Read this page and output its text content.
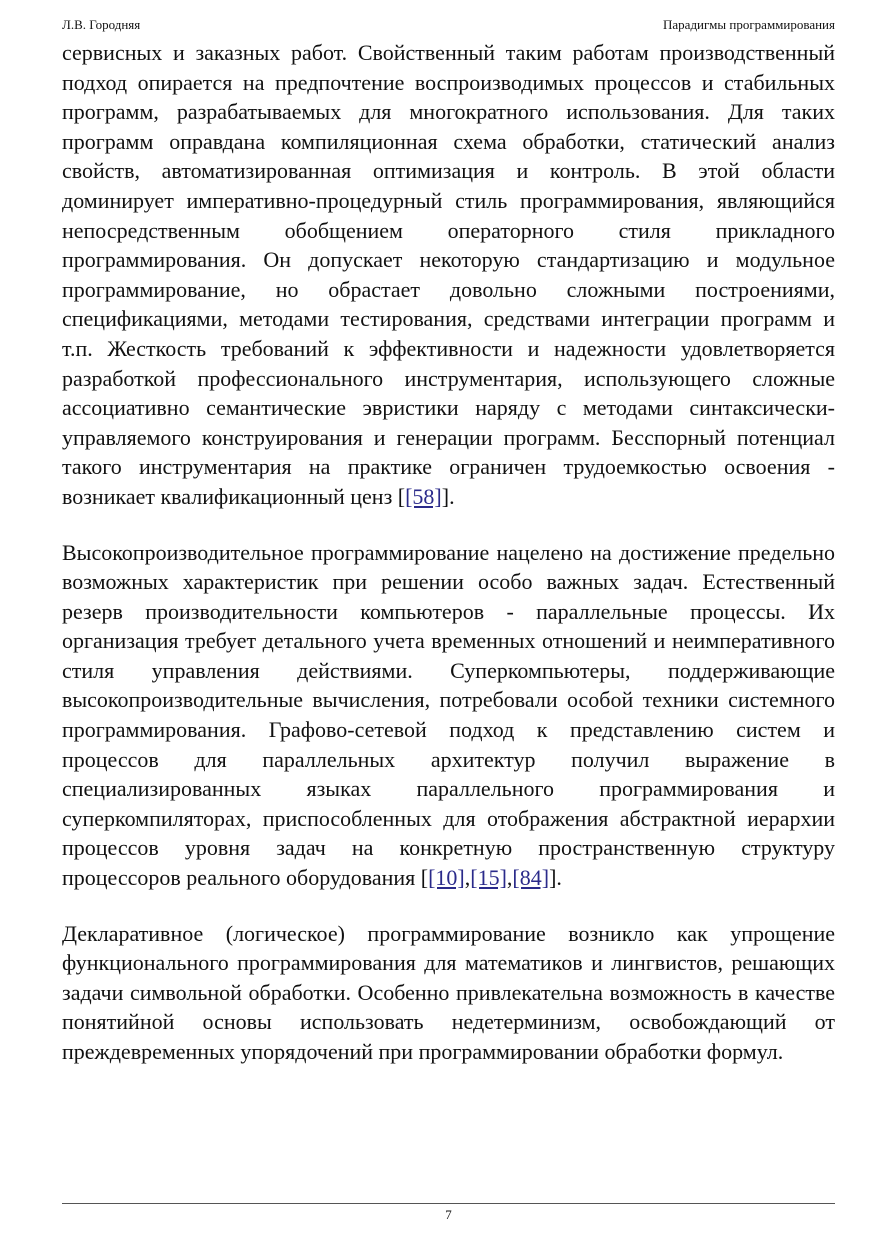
Л.В. Городняя	Парадигмы программирования

сервисных и заказных работ. Свойственный таким работам производственный подход опирается на предпочтение воспроизводимых процессов и стабильных программ, разрабатываемых для многократного использования. Для таких программ оправдана компиляционная схема обработки, статический анализ свойств, автоматизированная оптимизация и контроль. В этой области доминирует императивно-процедурный стиль программирования, являющийся непосредственным обобщением операторного стиля прикладного программирования. Он допускает некоторую стандартизацию и модульное программирование, но обрастает довольно сложными построениями, спецификациями, методами тестирования, средствами интеграции программ и т.п. Жесткость требований к эффективности и надежности удовлетворяется разработкой профессионального инструментария, использующего сложные ассоциативно семантические эвристики наряду с методами синтаксически-управляемого конструирования и генерации программ. Бесспорный потенциал такого инструментария на практике ограничен трудоемкостью освоения - возникает квалификационный ценз [[58]].

Высокопроизводительное программирование нацелено на достижение предельно возможных характеристик при решении особо важных задач. Естественный резерв производительности компьютеров - параллельные процессы. Их организация требует детального учета временных отношений и неимперативного стиля управления действиями. Суперкомпьютеры, поддерживающие высокопроизводительные вычисления, потребовали особой техники системного программирования. Графово-сетевой подход к представлению систем и процессов для параллельных архитектур получил выражение в специализированных языках параллельного программирования и суперкомпиляторах, приспособленных для отображения абстрактной иерархии процессов уровня задач на конкретную пространственную структуру процессоров реального оборудования [[10],[15],[84]].

Декларативное (логическое) программирование возникло как упрощение функционального программирования для математиков и лингвистов, решающих задачи символьной обработки. Особенно привлекательна возможность в качестве понятийной основы использовать недетерминизм, освобождающий от преждевременных упорядочений при программировании обработки формул.

7
